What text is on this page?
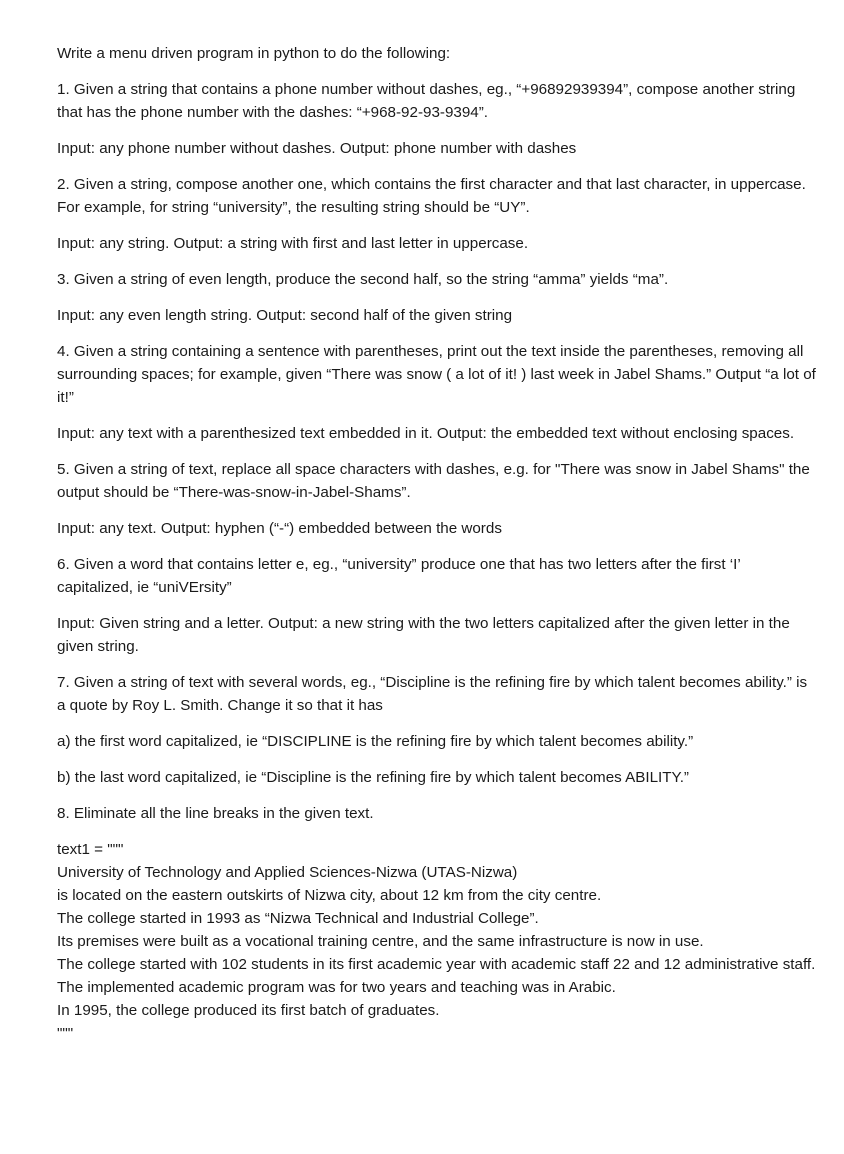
Write a menu driven program in python to do the following:

1. Given a string that contains a phone number without dashes, eg., “+96892939394”, compose another string that has the phone number with the dashes: “+968-92-93-9394”.

Input: any phone number without dashes. Output: phone number with dashes

2. Given a string, compose another one, which contains the first character and that last character, in uppercase. For example, for string “university”, the resulting string should be “UY”.

Input: any string. Output: a string with first and last letter in uppercase.

3. Given a string of even length, produce the second half, so the string “amma” yields “ma”.

Input: any even length string. Output: second half of the given string

4. Given a string containing a sentence with parentheses, print out the text inside the parentheses, removing all surrounding spaces; for example, given “There was snow ( a lot of it! ) last week in Jabel Shams.” Output “a lot of it!”

Input: any text with a parenthesized text embedded in it. Output: the embedded text without enclosing spaces.

5. Given a string of text, replace all space characters with dashes, e.g. for "There was snow in Jabel Shams" the output should be “There-was-snow-in-Jabel-Shams”.

Input: any text. Output: hyphen (“-“) embedded between the words

6. Given a word that contains letter e, eg., “university” produce one that has two letters after the first ‘I’ capitalized, ie “uniVErsity”

Input: Given string and a letter. Output: a new string with the two letters capitalized after the given letter in the given string.

7. Given a string of text with several words, eg., “Discipline is the refining fire by which talent becomes ability.” is a quote by Roy L. Smith. Change it so that it has

a) the first word capitalized, ie “DISCIPLINE is the refining fire by which talent becomes ability.”

b) the last word capitalized, ie “Discipline is the refining fire by which talent becomes ABILITY.”

8. Eliminate all the line breaks in the given text.

text1 = """
University of Technology and Applied Sciences-Nizwa (UTAS-Nizwa)
is located on the eastern outskirts of Nizwa city, about 12 km from the city centre.
The college started in 1993 as “Nizwa Technical and Industrial College”.
Its premises were built as a vocational training centre, and the same infrastructure is now in use.
The college started with 102 students in its first academic year with academic staff 22 and 12 administrative staff.
The implemented academic program was for two years and teaching was in Arabic.
In 1995, the college produced its first batch of graduates.
"""
